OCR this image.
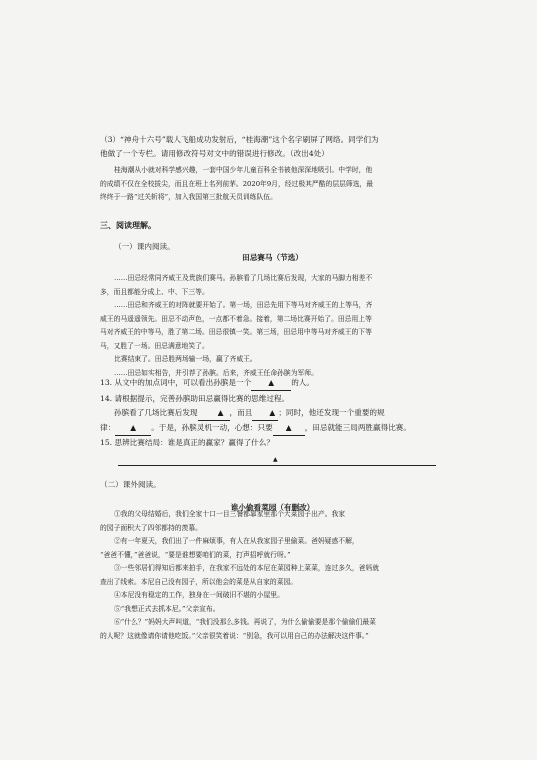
（3）“神舟十六号”载人飞船成功发射后，“桂海潮”这个名字刷屏了网络。同学们为

他做了一个专栏。请用修改符号对文中的错误进行修改。（改出4处）

桂海潮从小就对科学感兴趣，一套中国少年儿童百科全书被他深深地吸引。中学时，他

的成绩不仅在全校拔尖，而且在班上名列前茅。2020年9月，经过极其严酷的层层筛选，最

终终于一路“过关斩将”，加入我国第三批航天员训练队伍。

三、阅读理解。

（一）课内阅读。

田忌赛马（节选）

……田忌经常同齐威王及贵族们赛马。孙膑看了几场比赛后发现，大家的马脚力相差不

多，而且都能分成上、中、下三等。

……田忌和齐威王的对阵就要开始了。第一场，田忌先用下等马对齐威王的上等马，齐

威王的马遥遥领先。田忌不动声色，一点都不着急。接着，第二场比赛开始了。田忌用上等

马对齐威王的中等马，胜了第二场。田忌很镇一笑。第三场，田忌用中等马对齐威王的下等

马，又胜了一场。田忌满意地笑了。

比赛结束了。田忌胜两场输一场，赢了齐威王。

……田忌如实相告，并引荐了孙膑。后来，齐威王任命孙膑为军师。

13. 从文中的加点词中，可以看出孙膑是一个 ▲ 的人。

14. 请根据提示，完善孙膑助田忌赢得比赛的思维过程。

孙膑看了几场比赛后发现	▲ ，而且 ▲ ；同时，他还发现一个重要的规

律： ▲ 。于是，孙膑灵机一动，心想：只要 ▲ ，田忌就能三局两胜赢得比赛。

15. 思辨比赛结局：谁是真正的赢家？赢得了什么？

▲

（二）课外阅读。

谁小偷看菜园（有删改）

①我的父母结婚后，我们全家十口一目三餐都靠家里那个大菜园子出产。我家

的园子面积大了四邻都持的羡慕。

②有一年夏天，我们出了一件麻烦事，有人在从我家园子里偷菜。爸妈疑惑不解，

“爸爸不懂，”爸爸说，“要是谁想要咱们的菜，打声招呼就行呀。”

③一些邻居们得知后都来拍手，在我家不远处的本尼在菜园种上菜菜，连过多久，爸妈就

查出了线索。本尼自己没有园子，所以他会的菜是从自家的菜园。

④本尼没有稳定的工作，独身在一间破旧不堪的小屋里。

⑤“我想正式去抓本尼。”父亲宣布。

⑥“什么？”妈妈大声叫道，“我们没那么多钱。再说了，为什么偷偷要是那个偷偷们最菜

的人呢？这就像请你请他吃饭。”父亲很笑着说：“别急，我可以用自己的办法解决这件事。”
